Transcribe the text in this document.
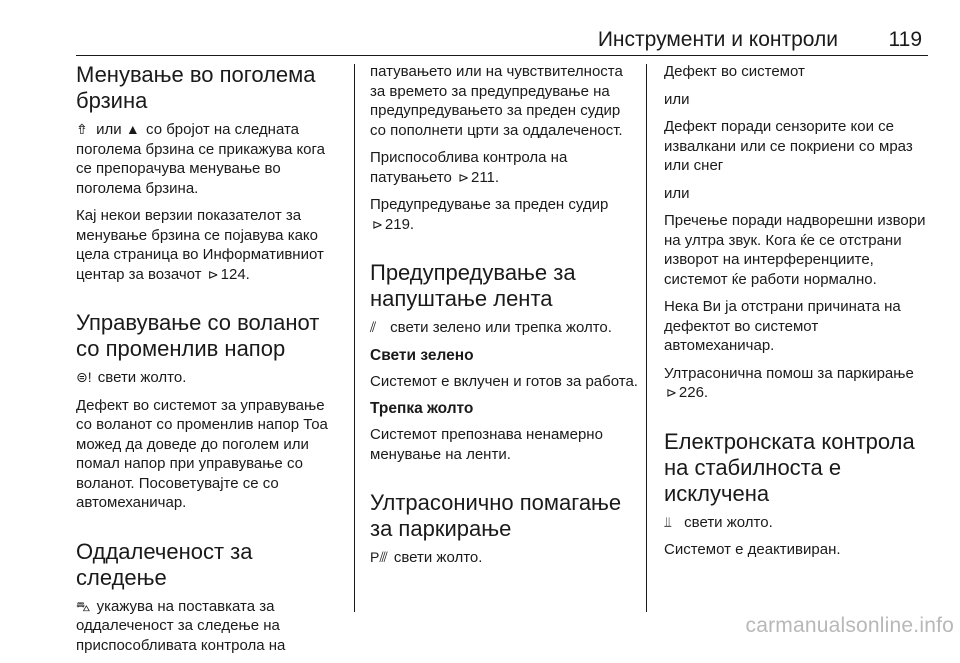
Инструменти и контроли 119
Менување во поголема брзина

⇮ или ▲ со бројот на следната поголема брзина се прикажува кога се препорачува менување во поголема брзина.

Кај некои верзии показателот за менување брзина се појавува како цела страница во Информативниот центар за возачот ⊳ 124.

Управување со воланот со променлив напор

⊜! свети жолто.

Дефект во системот за управување со воланот со променлив напор Тоа можед да доведе до поголем или помал напор при управување со воланот. Посоветувајте се со автомеханичар.

Оддалеченост за следење

⛍ укажува на поставката за оддалеченост за следење на приспособливата контрола на

патувањето или на чувствителноста за времето за предупредување на предупредувањето за преден судир со пополнети црти за оддалеченост.

Приспособлива контрола на патувањето ⊳ 211.

Предупредување за преден судир ⊳ 219.

Предупредување за напуштање лента

⫽ свети зелено или трепка жолто.

Свети зелено

Системот е вклучен и готов за работа.

Трепка жолто

Системот препознава ненамерно менување на ленти.

Ултрасонично помагање за паркирање

P⫻ свети жолто.

Дефект во системот

или

Дефект поради сензорите кои се извалкани или се покриени со мраз или снег

или

Пречење поради надворешни извори на ултра звук. Кога ќе се отстрани изворот на интерференциите, системот ќе работи нормално.

Нека Ви ја отстрани причината на дефектот во системот автомеханичар.

Ултрасонична помош за паркирање ⊳ 226.

Електронската контрола на стабилноста е исклучена

⫫ свети жолто.

Системот е деактивиран.

carmanualsonline.info
